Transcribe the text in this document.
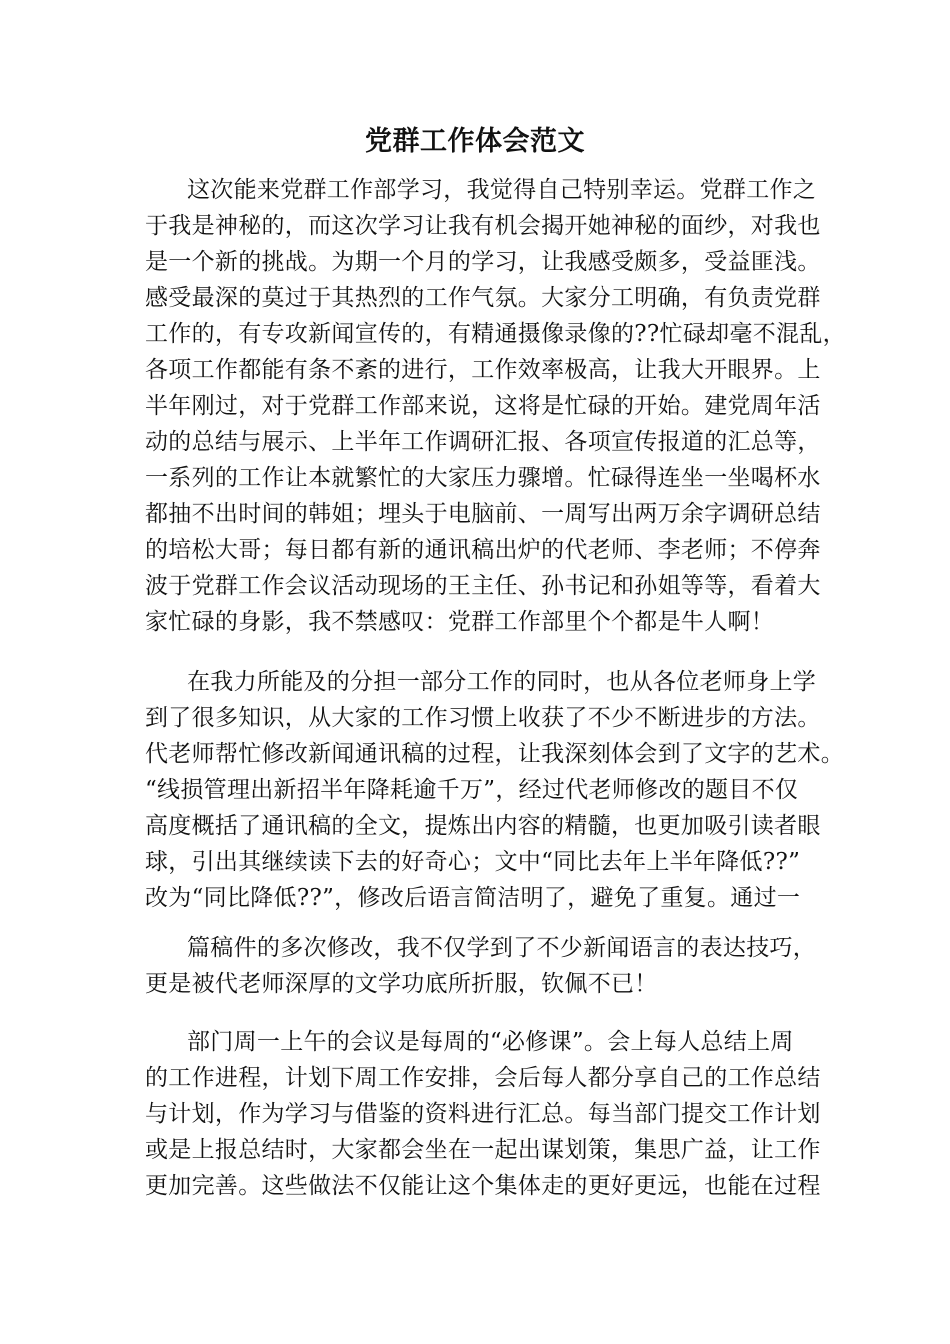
党群工作体会范文
这次能来党群工作部学习，我觉得自己特别幸运。党群工作之
于我是神秘的，而这次学习让我有机会揭开她神秘的面纱，对我也
是一个新的挑战。为期一个月的学习，让我感受颇多，受益匪浅。
感受最深的莫过于其热烈的工作气氛。大家分工明确，有负责党群
工作的，有专攻新闻宣传的，有精通摄像录像的??忙碌却毫不混乱，
各项工作都能有条不紊的进行，工作效率极高，让我大开眼界。上
半年刚过，对于党群工作部来说，这将是忙碌的开始。建党周年活
动的总结与展示、上半年工作调研汇报、各项宣传报道的汇总等，
一系列的工作让本就繁忙的大家压力骤增。忙碌得连坐一坐喝杯水
都抽不出时间的韩姐；埋头于电脑前、一周写出两万余字调研总结
的培松大哥；每日都有新的通讯稿出炉的代老师、李老师；不停奔
波于党群工作会议活动现场的王主任、孙书记和孙姐等等，看着大
家忙碌的身影，我不禁感叹：党群工作部里个个都是牛人啊！
在我力所能及的分担一部分工作的同时，也从各位老师身上学
到了很多知识，从大家的工作习惯上收获了不少不断进步的方法。
代老师帮忙修改新闻通讯稿的过程，让我深刻体会到了文字的艺术。
“线损管理出新招半年降耗逾千万”，经过代老师修改的题目不仅
高度概括了通讯稿的全文，提炼出内容的精髓，也更加吸引读者眼
球，引出其继续读下去的好奇心；文中“同比去年上半年降低??”
改为“同比降低??”，修改后语言简洁明了，避免了重复。通过一
篇稿件的多次修改，我不仅学到了不少新闻语言的表达技巧，
更是被代老师深厚的文学功底所折服，钦佩不已！
部门周一上午的会议是每周的“必修课”。会上每人总结上周
的工作进程，计划下周工作安排，会后每人都分享自己的工作总结
与计划，作为学习与借鉴的资料进行汇总。每当部门提交工作计划
或是上报总结时，大家都会坐在一起出谋划策，集思广益，让工作
更加完善。这些做法不仅能让这个集体走的更好更远，也能在过程
